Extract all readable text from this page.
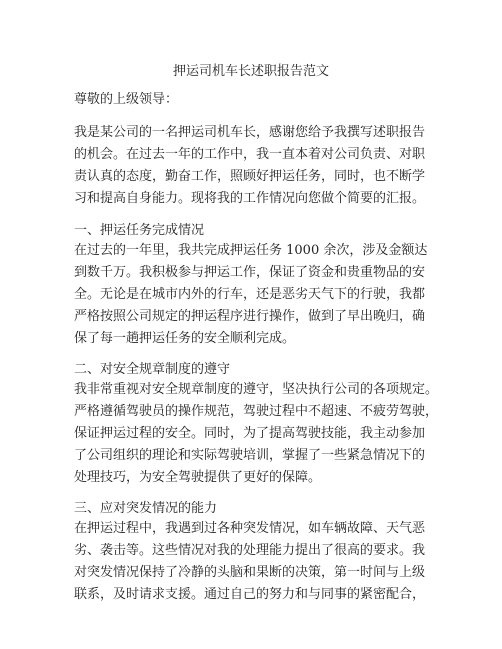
押运司机车长述职报告范文
尊敬的上级领导：
我是某公司的一名押运司机车长，感谢您给予我撰写述职报告
的机会。在过去一年的工作中，我一直本着对公司负责、对职
责认真的态度，勤奋工作，照顾好押运任务，同时，也不断学
习和提高自身能力。现将我的工作情况向您做个简要的汇报。
一、押运任务完成情况
在过去的一年里，我共完成押运任务 1000 余次，涉及金额达
到数千万。我积极参与押运工作，保证了资金和贵重物品的安
全。无论是在城市内外的行车，还是恶劣天气下的行驶，我都
严格按照公司规定的押运程序进行操作，做到了早出晚归，确
保了每一趟押运任务的安全顺利完成。
二、对安全规章制度的遵守
我非常重视对安全规章制度的遵守，坚决执行公司的各项规定。
严格遵循驾驶员的操作规范，驾驶过程中不超速、不疲劳驾驶，
保证押运过程的安全。同时，为了提高驾驶技能，我主动参加
了公司组织的理论和实际驾驶培训，掌握了一些紧急情况下的
处理技巧，为安全驾驶提供了更好的保障。
三、应对突发情况的能力
在押运过程中，我遇到过各种突发情况，如车辆故障、天气恶
劣、袭击等。这些情况对我的处理能力提出了很高的要求。我
对突发情况保持了冷静的头脑和果断的决策，第一时间与上级
联系，及时请求支援。通过自己的努力和与同事的紧密配合，
